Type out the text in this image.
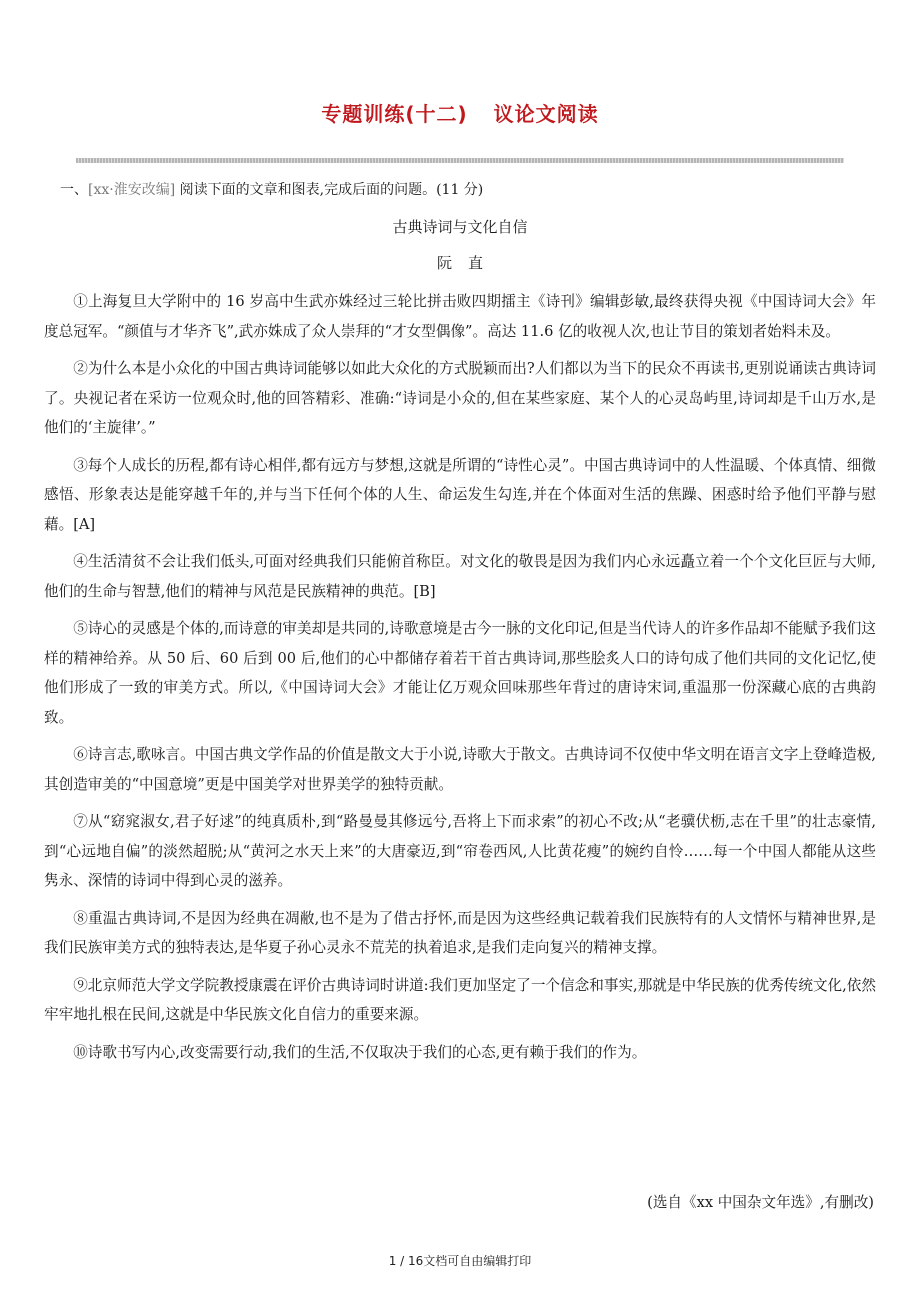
专题训练(十二) 议论文阅读
一、[xx·淮安改编] 阅读下面的文章和图表,完成后面的问题。(11 分)
古典诗词与文化自信
阮直

①上海复旦大学附中的 16 岁高中生武亦姝经过三轮比拼击败四期擂主《诗刊》编辑彭敏,最终获得央视《中国诗词大会》年度总冠军。“颜值与才华齐飞”,武亦姝成了众人崇拜的“才女型偶像”。高达 11.6 亿的收视人次,也让节目的策划者始料未及。

②为什么本是小众化的中国古典诗词能够以如此大众化的方式脱颖而出?人们都以为当下的民众不再读书,更别说诵读古典诗词了。央视记者在采访一位观众时,他的回答精彩、准确:“诗词是小众的,但在某些家庭、某个人的心灵岛屿里,诗词却是千山万水,是他们的‘主旋律’。”

③每个人成长的历程,都有诗心相伴,都有远方与梦想,这就是所谓的“诗性心灵”。中国古典诗词中的人性温暖、个体真情、细微感悟、形象表达是能穿越千年的,并与当下任何个体的人生、命运发生勾连,并在个体面对生活的焦躁、困惑时给予他们平静与慰藉。[A]

④生活清贫不会让我们低头,可面对经典我们只能俯首称臣。对文化的敬畏是因为我们内心永远矗立着一个个文化巨匠与大师,他们的生命与智慧,他们的精神与风范是民族精神的典范。[B]

⑤诗心的灵感是个体的,而诗意的审美却是共同的,诗歌意境是古今一脉的文化印记,但是当代诗人的许多作品却不能赋予我们这样的精神给养。从 50 后、60 后到 00 后,他们的心中都储存着若干首古典诗词,那些脍炙人口的诗句成了他们共同的文化记忆,使他们形成了一致的审美方式。所以,《中国诗词大会》才能让亿万观众回味那些年背过的唐诗宋词,重温那一份深藏心底的古典韵致。

⑥诗言志,歌咏言。中国古典文学作品的价值是散文大于小说,诗歌大于散文。古典诗词不仅使中华文明在语言文字上登峰造极,其创造审美的“中国意境”更是中国美学对世界美学的独特贡献。

⑦从“窈窕淑女,君子好逑”的纯真质朴,到“路曼曼其修远兮,吾将上下而求索”的初心不改;从“老骥伏枥,志在千里”的壮志豪情,到“心远地自偏”的淡然超脱;从“黄河之水天上来”的大唐豪迈,到“帘卷西风,人比黄花瘦”的婉约自怜……每一个中国人都能从这些隽永、深情的诗词中得到心灵的滋养。

⑧重温古典诗词,不是因为经典在凋敝,也不是为了借古抒怀,而是因为这些经典记载着我们民族特有的人文情怀与精神世界,是我们民族审美方式的独特表达,是华夏子孙心灵永不荒芜的执着追求,是我们走向复兴的精神支撑。

⑨北京师范大学文学院教授康震在评价古典诗词时讲道:我们更加坚定了一个信念和事实,那就是中华民族的优秀传统文化,依然牢牢地扎根在民间,这就是中华民族文化自信力的重要来源。

⑩诗歌书写内心,改变需要行动,我们的生活,不仅取决于我们的心态,更有赖于我们的作为。

(选自《xx 中国杂文年选》,有删改)
1 / 16文档可自由编辑打印
